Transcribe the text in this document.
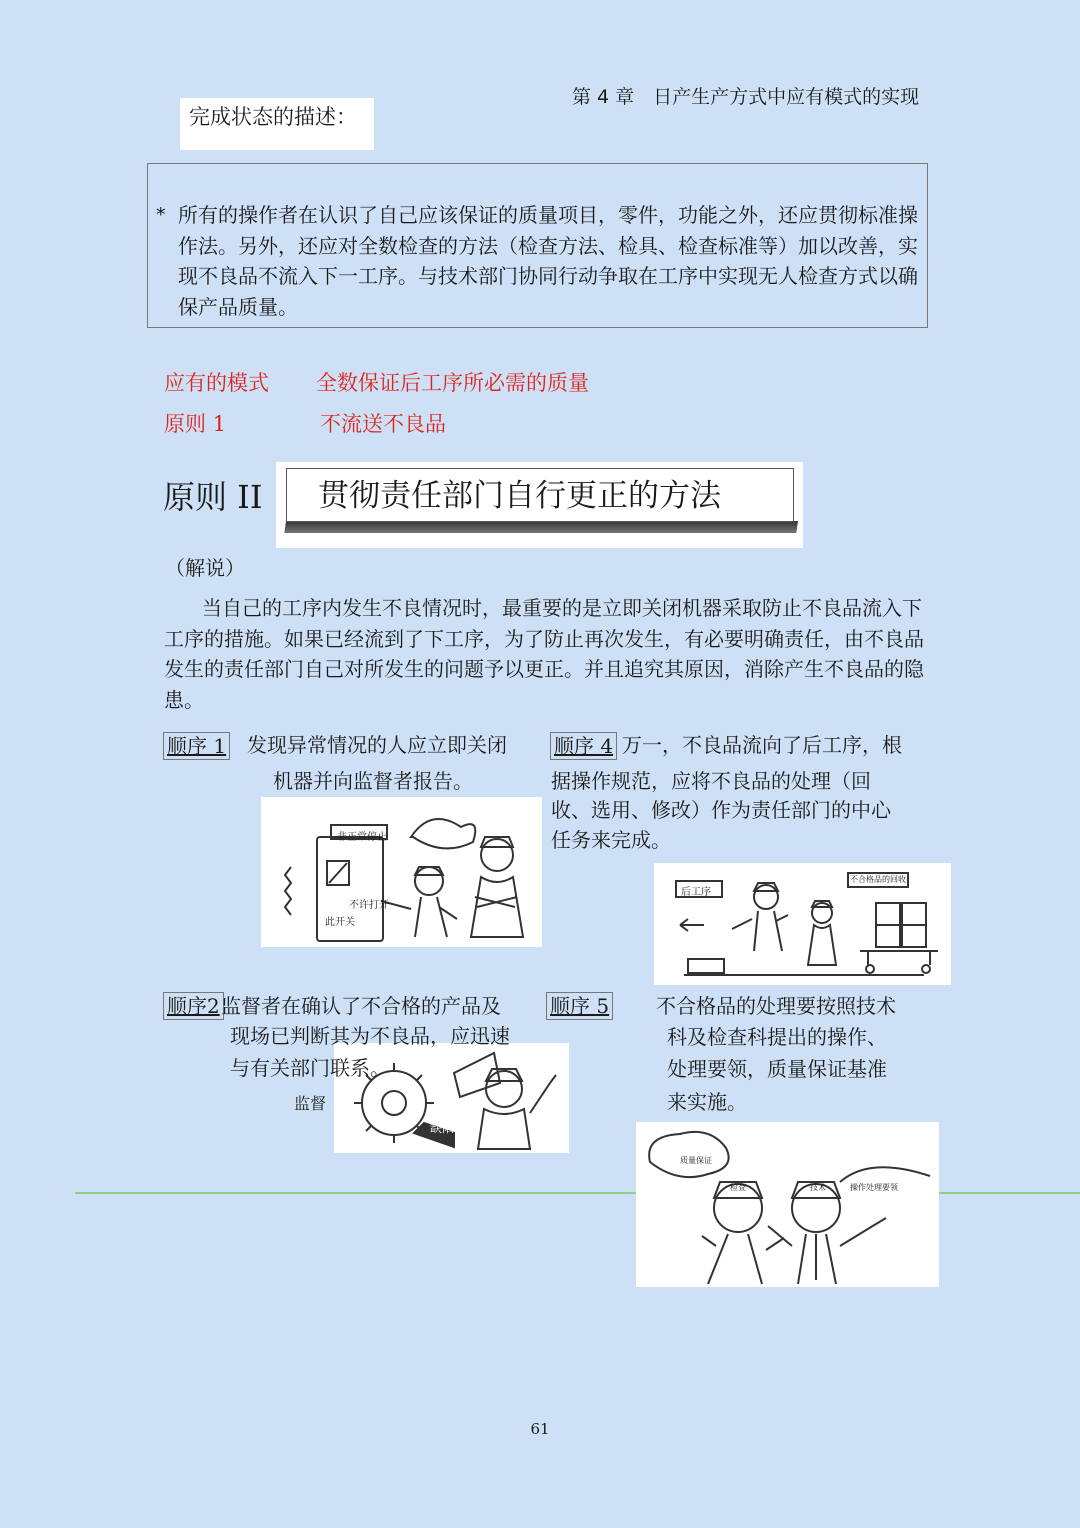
第 4 章　日产生产方式中应有模式的实现
完成状态的描述：
* 所有的操作者在认识了自己应该保证的质量项目，零件，功能之外，还应贯彻标准操作法。另外，还应对全数检查的方法（检查方法、检具、检查标准等）加以改善，实现不良品不流入下一工序。与技术部门协同行动争取在工序中实现无人检查方式以确保产品质量。
应有的模式 全数保证后工序所必需的质量
原则 1	不流送不良品
原则 II 贯彻责任部门自行更正的方法
（解说）
当自己的工序内发生不良情况时，最重要的是立即关闭机器采取防止不良品流入下工序的措施。如果已经流到了下工序，为了防止再次发生，有必要明确责任，由不良品发生的责任部门自己对所发生的问题予以更正。并且追究其原因，消除产生不良品的隐患。
顺序 1 发现异常情况的人应立即关闭
机器并向监督者报告。
非正常停止
不许打开
此开关
顺序2 监督者在确认了不合格的产品及
缺陷
现场已判断其为不良品，应迅速
与有关部门联系。
监督
顺序 4 万一，不良品流向了后工序，根
据操作规范，应将不良品的处理（回
收、选用、修改）作为责任部门的中心
任务来完成。
后工序
不合格品的回收
顺序 5 不合格品的处理要按照技术
科及检查科提出的操作、
处理要领，质量保证基准
来实施。
质量保证
检查	技术	操作处理要领
61
